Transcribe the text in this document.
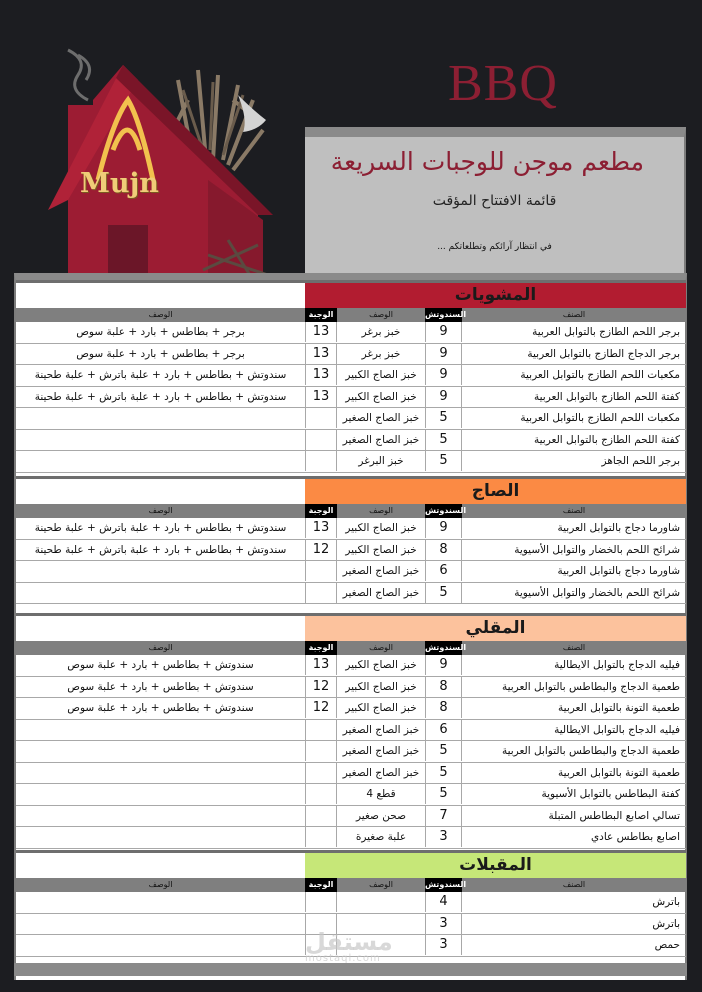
Mujn
BBQ
مطعم موجن للوجبات السريعة
قائمة الافتتاح المؤقت
في انتظار آرائكم وتطلعاتكم ...
المشويات
الصنف
السندوتش
الوصف
الوجبة
الوصف
برجر اللحم الطازج بالتوابل العربية
9
خبز برغر
13
برجر + بطاطس + بارد + علبة سوص
برجر الدجاج الطازج بالتوابل العربية
9
خبز برغر
13
برجر + بطاطس + بارد + علبة سوص
مكعبات اللحم الطازج بالتوابل العربية
9
خبز الصاج الكبير
13
سندوتش + بطاطس + بارد + علبة باترش + علبة طحينة
كفتة اللحم الطازج بالتوابل العربية
9
خبز الصاج الكبير
13
سندوتش + بطاطس + بارد + علبة باترش + علبة طحينة
مكعبات اللحم الطازج بالتوابل العربية
5
خبز الصاج الصغير
كفتة اللحم الطازج بالتوابل العربية
5
خبز الصاج الصغير
برجر اللحم الجاهز
5
خبز البرغر
الصاج
الصنف
السندوتش
الوصف
الوجبة
الوصف
شاورما دجاج بالتوابل العربية
9
خبز الصاج الكبير
13
سندوتش + بطاطس + بارد + علبة باترش + علبة طحينة
شرائح اللحم بالخضار والتوابل الأسيوية
8
خبز الصاج الكبير
12
سندوتش + بطاطس + بارد + علبة باترش + علبة طحينة
شاورما دجاج بالتوابل العربية
6
خبز الصاج الصغير
شرائح اللحم بالخضار والتوابل الأسيوية
5
خبز الصاج الصغير
المقلي
الصنف
السندوتش
الوصف
الوجبة
الوصف
فيليه الدجاج بالتوابل الايطالية
9
خبز الصاج الكبير
13
سندوتش + بطاطس + بارد + علبة سوص
طعمية الدجاج والبطاطس بالتوابل العربية
8
خبز الصاج الكبير
12
سندوتش + بطاطس + بارد + علبة سوص
طعمية التونة بالتوابل العربية
8
خبز الصاج الكبير
12
سندوتش + بطاطس + بارد + علبة سوص
فيليه الدجاج بالتوابل الايطالية
6
خبز الصاج الصغير
طعمية الدجاج والبطاطس بالتوابل العربية
5
خبز الصاج الصغير
طعمية التونة بالتوابل العربية
5
خبز الصاج الصغير
كفتة البطاطس بالتوابل الأسيوية
5
قطع 4
تسالي اصابع البطاطس المتبلة
7
صحن صغير
اصابع بطاطس عادي
3
علبة صغيرة
المقبلات
الصنف
السندوتش
الوصف
الوجبة
الوصف
باترش
4
باترش
3
حمص
3
مستقل
mostaql.com
